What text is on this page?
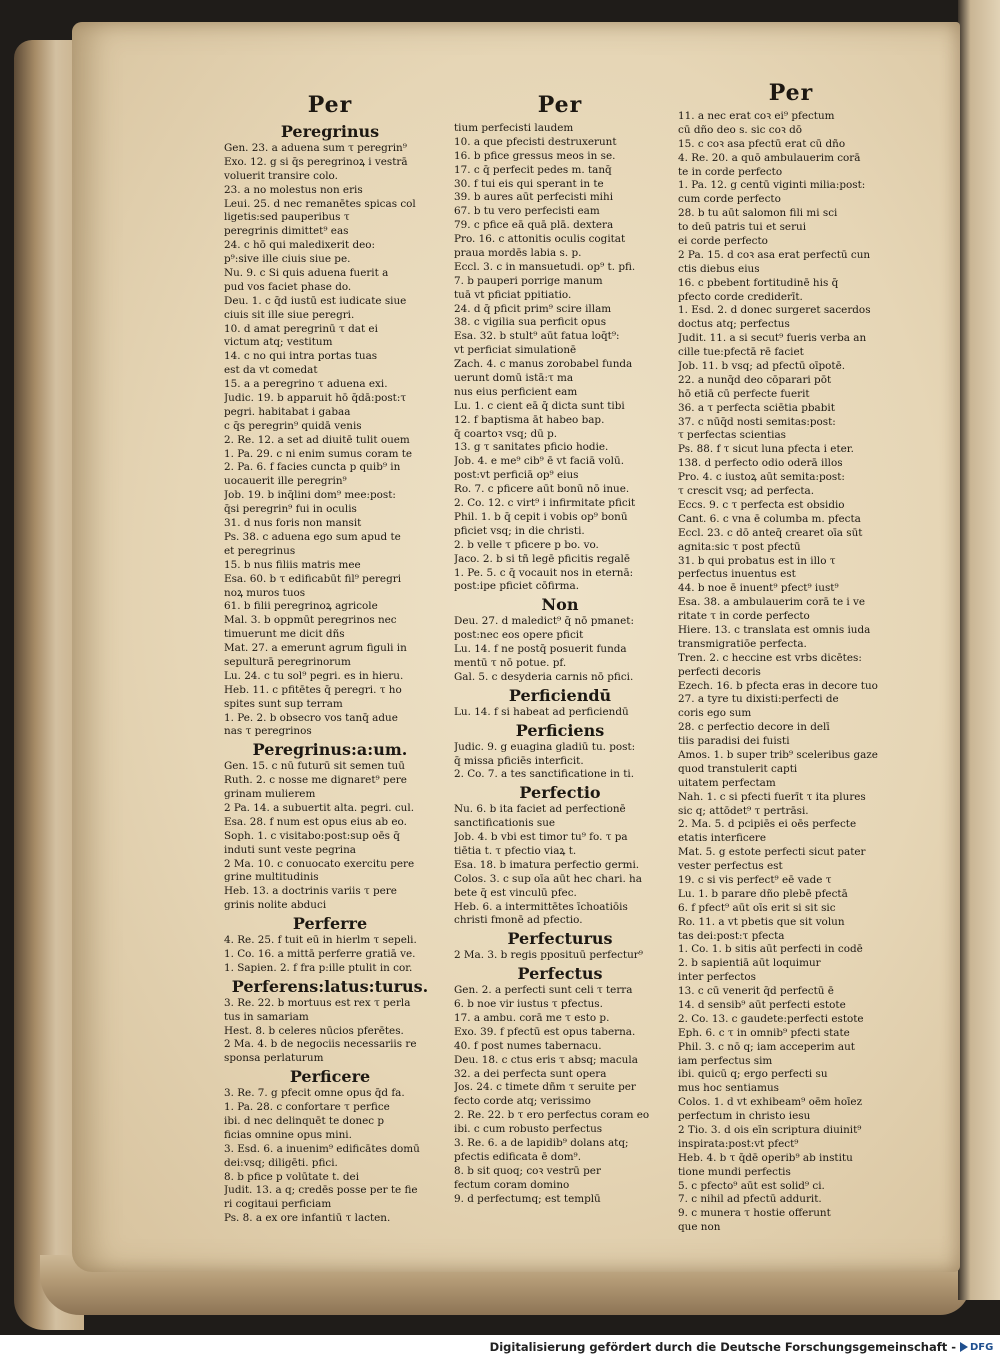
Per
Peregrinus
Gen. 23. a aduena sum τ peregrin⁹
Exo. 12. g si q̄s peregrinoꝝ i vestrā
voluerit transire colo.
23. a no molestus non eris
Leui. 25. d nec remanētes spicas col
ligetis:sed pauperibus τ
peregrinis dimittet⁹ eas
24. c hō qui maledixerit deo:
p⁹:sive ille ciuis siue pe.
Nu. 9. c Si quis aduena fuerit a
pud vos faciet phase do.
Deu. 1. c q̄d iustū est iudicate siue
ciuis sit ille siue peregri.
10. d amat peregrinū τ dat ei
victum atq; vestitum
14. c no qui intra portas tuas
est da vt comedat
15. a a peregrino τ aduena exi.
Judic. 19. b apparuit hō q̄dā:post:τ
pegri. habitabat i gabaa
c q̄s peregrin⁹ quidā venis
2. Re. 12. a set ad diuitē tulit ouem
1. Pa. 29. c ni enim sumus coram te
2. Pa. 6. f facies cuncta p quib⁹ in
uocauerit ille peregrin⁹
Job. 19. b inq̄lini dom⁹ mee:post:
q̄si peregrin⁹ fui in oculis
31. d nus foris non mansit
Ps. 38. c aduena ego sum apud te
et peregrinus
15. b nus filiis matris mee
Esa. 60. b τ edificabūt fil⁹ peregri
noꝝ muros tuos
61. b filii peregrinoꝝ agricole
Mal. 3. b oppmūt peregrinos nec
timuerunt me dicit dñs
Mat. 27. a emerunt agrum figuli in
sepulturā peregrinorum
Lu. 24. c tu sol⁹ pegri. es in hieru.
Heb. 11. c pfitētes q̄ peregri. τ ho
spites sunt sup terram
1. Pe. 2. b obsecro vos tanq̄ adue
nas τ peregrinos
Peregrinus:a:um.
Gen. 15. c nū futurū sit semen tuū
Ruth. 2. c nosse me dignaret⁹ pere
grinam mulierem
2 Pa. 14. a subuertit alta. pegri. cul.
Esa. 28. f num est opus eius ab eo.
Soph. 1. c visitabo:post:sup oēs q̄
induti sunt veste pegrina
2 Ma. 10. c conuocato exercitu pere
grine multitudinis
Heb. 13. a doctrinis variis τ pere
grinis nolite abduci
Perferre
4. Re. 25. f tuit eū in hierlm τ sepeli.
1. Co. 16. a mittā perferre gratiā ve.
1. Sapien. 2. f fra p:ille ptulit in cor.
Perferens:latus:turus.
3. Re. 22. b mortuus est rex τ perla
tus in samariam
Hest. 8. b celeres nūcios pferētes.
2 Ma. 4. b de negociis necessariis re
sponsa perlaturum
Perficere
3. Re. 7. g pfecit omne opus q̄d fa.
1. Pa. 28. c confortare τ perfice
ibi. d nec delinquēt te donec p
ficias omnine opus mini.
3. Esd. 6. a inuenim⁹ edificātes domū
dei:vsq; diligēti. pfici.
8. b pfice p volūtate t. dei
Judit. 13. a q; credēs posse per te fie
ri cogitaui perficiam
Ps. 8. a ex ore infantiū τ lacten.
Per
tium perfecisti laudem
10. a que pfecisti destruxerunt
16. b pfice gressus meos in se.
17. c q̄ perfecit pedes m. tanq̄
30. f tui eis qui sperant in te
39. b aures aūt perfecisti mihi
67. b tu vero perfecisti eam
79. c pfice eā quā plā. dextera
Pro. 16. c attonitis oculis cogitat
praua mordēs labia s. p.
Eccl. 3. c in mansuetudi. op⁹ t. pfi.
7. b pauperi porrige manum
tuā vt pficiat ppitiatio.
24. d q̄ pficit prim⁹ scire illam
38. c vigilia sua perficit opus
Esa. 32. b stult⁹ aūt fatua loq̄t⁹:
vt perficiat simulationē
Zach. 4. c manus zorobabel funda
uerunt domū istā:τ ma
nus eius perficient eam
Lu. 1. c cient eā q̄ dicta sunt tibi
12. f baptisma āt habeo bap.
q̄ coartoꝛ vsq; dū p.
13. g τ sanitates pficio hodie.
Job. 4. e me⁹ cib⁹ ē vt faciā volū.
post:vt perficiā op⁹ eius
Ro. 7. c pficere aūt bonū nō inue.
2. Co. 12. c virt⁹ i infirmitate pficit
Phil. 1. b q̄ cepit i vobis op⁹ bonū
pficiet vsq; in die christi.
2. b velle τ pficere p bo. vo.
Jaco. 2. b si tñ legē pficitis regalē
1. Pe. 5. c q̄ vocauit nos in eternā:
post:ipe pficiet cōfirma.
Non
Deu. 27. d maledict⁹ q̄ nō pmanet:
post:nec eos opere pficit
Lu. 14. f ne postq̄ posuerit funda
mentū τ nō potue. pf.
Gal. 5. c desyderia carnis nō pfici.
Perficiendū
Lu. 14. f si habeat ad perficiendū
Perficiens
Judic. 9. g euagina gladiū tu. post:
q̄ missa pficiēs interficit.
2. Co. 7. a tes sanctificatione in ti.
Perfectio
Nu. 6. b ita faciet ad perfectionē
sanctificationis sue
Job. 4. b vbi est timor tu⁹ fo. τ pa
tiētia t. τ pfectio viaꝝ t.
Esa. 18. b imatura perfectio germi.
Colos. 3. c sup oīa aūt hec chari. ha
bete q̄ est vinculū pfec.
Heb. 6. a intermittētes īchoatiōis
christi fmonē ad pfectio.
Perfecturus
2 Ma. 3. b regis pposituū perfectur⁹
Perfectus
Gen. 2. a perfecti sunt celi τ terra
6. b noe vir iustus τ pfectus.
17. a ambu. corā me τ esto p.
Exo. 39. f pfectū est opus taberna.
40. f post numes tabernacu.
Deu. 18. c ctus eris τ absq; macula
32. a dei perfecta sunt opera
Jos. 24. c timete dñm τ seruite per
fecto corde atq; verissimo
2. Re. 22. b τ ero perfectus coram eo
ibi. c cum robusto perfectus
3. Re. 6. a de lapidib⁹ dolans atq;
pfectis edificata ē dom⁹.
8. b sit quoq; coꝛ vestrū per
fectum coram domino
9. d perfectumq; est templū
Per
11. a nec erat coꝛ ei⁹ pfectum
cū dño deo s. sic coꝛ dō
15. c coꝛ asa pfectū erat cū dño
4. Re. 20. a quō ambulauerim corā
te in corde perfecto
1. Pa. 12. g centū viginti milia:post:
cum corde perfecto
28. b tu aūt salomon fili mi sci
to deū patris tui et serui
ei corde perfecto
2 Pa. 15. d coꝛ asa erat perfectū cun
ctis diebus eius
16. c pbebent fortitudinē his q̄
pfecto corde crediderīt.
1. Esd. 2. d donec surgeret sacerdos
doctus atq; perfectus
Judit. 11. a si secut⁹ fueris verba an
cille tue:pfectā rē faciet
Job. 11. b vsq; ad pfectū oīpotē.
22. a nunq̄d deo cōparari pōt
hō etiā cū perfecte fuerit
36. a τ perfecta sciētia pbabit
37. c nūq̄d nosti semitas:post:
τ perfectas scientias
Ps. 88. f τ sicut luna pfecta i eter.
138. d perfecto odio oderā illos
Pro. 4. c iustoꝝ aūt semita:post:
τ crescit vsq; ad perfecta.
Eccs. 9. c τ perfecta est obsidio
Cant. 6. c vna ē columba m. pfecta
Eccl. 23. c dō anteq̄ crearet oīa sūt
agnita:sic τ post pfectū
31. b qui probatus est in illo τ
perfectus inuentus est
44. b noe ē inuent⁹ pfect⁹ iust⁹
Esa. 38. a ambulauerim corā te i ve
ritate τ in corde perfecto
Hiere. 13. c translata est omnis iuda
transmigratiōe perfecta.
Tren. 2. c heccine est vrbs dicētes:
perfecti decoris
Ezech. 16. b pfecta eras in decore tuo
27. a tyre tu dixisti:perfecti de
coris ego sum
28. c perfectio decore in delī
tiis paradisi dei fuisti
Amos. 1. b super trib⁹ sceleribus gaze
quod transtulerit capti
uitatem perfectam
Nah. 1. c si pfecti fuerīt τ ita plures
sic q; attōdet⁹ τ pertrāsi.
2. Ma. 5. d pcipiēs ei oēs perfecte
etatis interficere
Mat. 5. g estote perfecti sicut pater
vester perfectus est
19. c si vis perfect⁹ eē vade τ
Lu. 1. b parare dño plebē pfectā
6. f pfect⁹ aūt oīs erit si sit sic
Ro. 11. a vt pbetis que sit volun
tas dei:post:τ pfecta
1. Co. 1. b sitis aūt perfecti in codē
2. b sapientiā aūt loquimur
inter perfectos
13. c cū venerit q̄d perfectū ē
14. d sensib⁹ aūt perfecti estote
2. Co. 13. c gaudete:perfecti estote
Eph. 6. c τ in omnib⁹ pfecti state
Phil. 3. c nō q; iam acceperim aut
iam perfectus sim
ibi. quicū q; ergo perfecti su
mus hoc sentiamus
Colos. 1. d vt exhibeam⁹ oēm hoīez
perfectum in christo iesu
2 Tio. 3. d ois eīn scriptura diuinit⁹
inspirata:post:vt pfect⁹
Heb. 4. b τ q̄dē operib⁹ ab institu
tione mundi perfectis
5. c pfecto⁹ aūt est solid⁹ ci.
7. c nihil ad pfectū addurit.
9. c munera τ hostie offerunt
que non
Digitalisierung gefördert durch die Deutsche Forschungsgemeinschaft - DFG
